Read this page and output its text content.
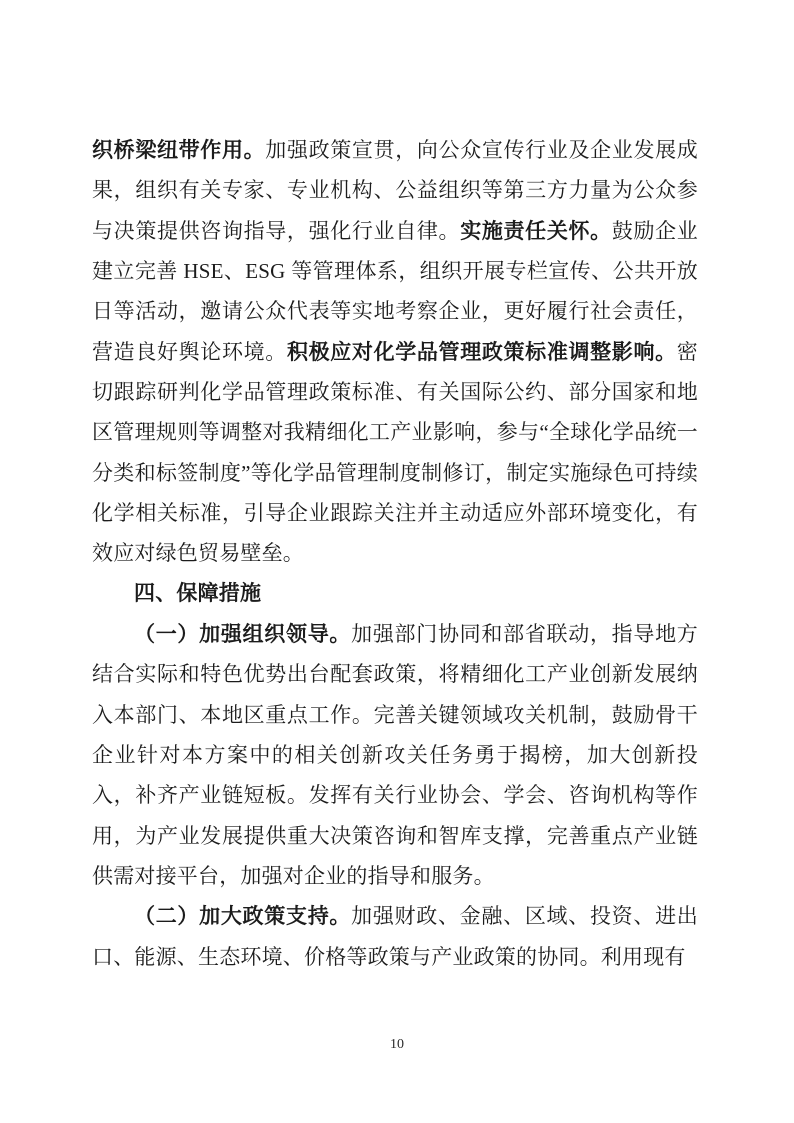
织桥梁纽带作用。加强政策宣贯，向公众宣传行业及企业发展成果，组织有关专家、专业机构、公益组织等第三方力量为公众参与决策提供咨询指导，强化行业自律。实施责任关怀。鼓励企业建立完善 HSE、ESG 等管理体系，组织开展专栏宣传、公共开放日等活动，邀请公众代表等实地考察企业，更好履行社会责任，营造良好舆论环境。积极应对化学品管理政策标准调整影响。密切跟踪研判化学品管理政策标准、有关国际公约、部分国家和地区管理规则等调整对我精细化工产业影响，参与“全球化学品统一分类和标签制度”等化学品管理制度制修订，制定实施绿色可持续化学相关标准，引导企业跟踪关注并主动适应外部环境变化，有效应对绿色贸易壁垒。

四、保障措施

（一）加强组织领导。加强部门协同和部省联动，指导地方结合实际和特色优势出台配套政策，将精细化工产业创新发展纳入本部门、本地区重点工作。完善关键领域攻关机制，鼓励骨干企业针对本方案中的相关创新攻关任务勇于揭榜，加大创新投入，补齐产业链短板。发挥有关行业协会、学会、咨询机构等作用，为产业发展提供重大决策咨询和智库支撑，完善重点产业链供需对接平台，加强对企业的指导和服务。

（二）加大政策支持。加强财政、金融、区域、投资、进出口、能源、生态环境、价格等政策与产业政策的协同。利用现有

10
